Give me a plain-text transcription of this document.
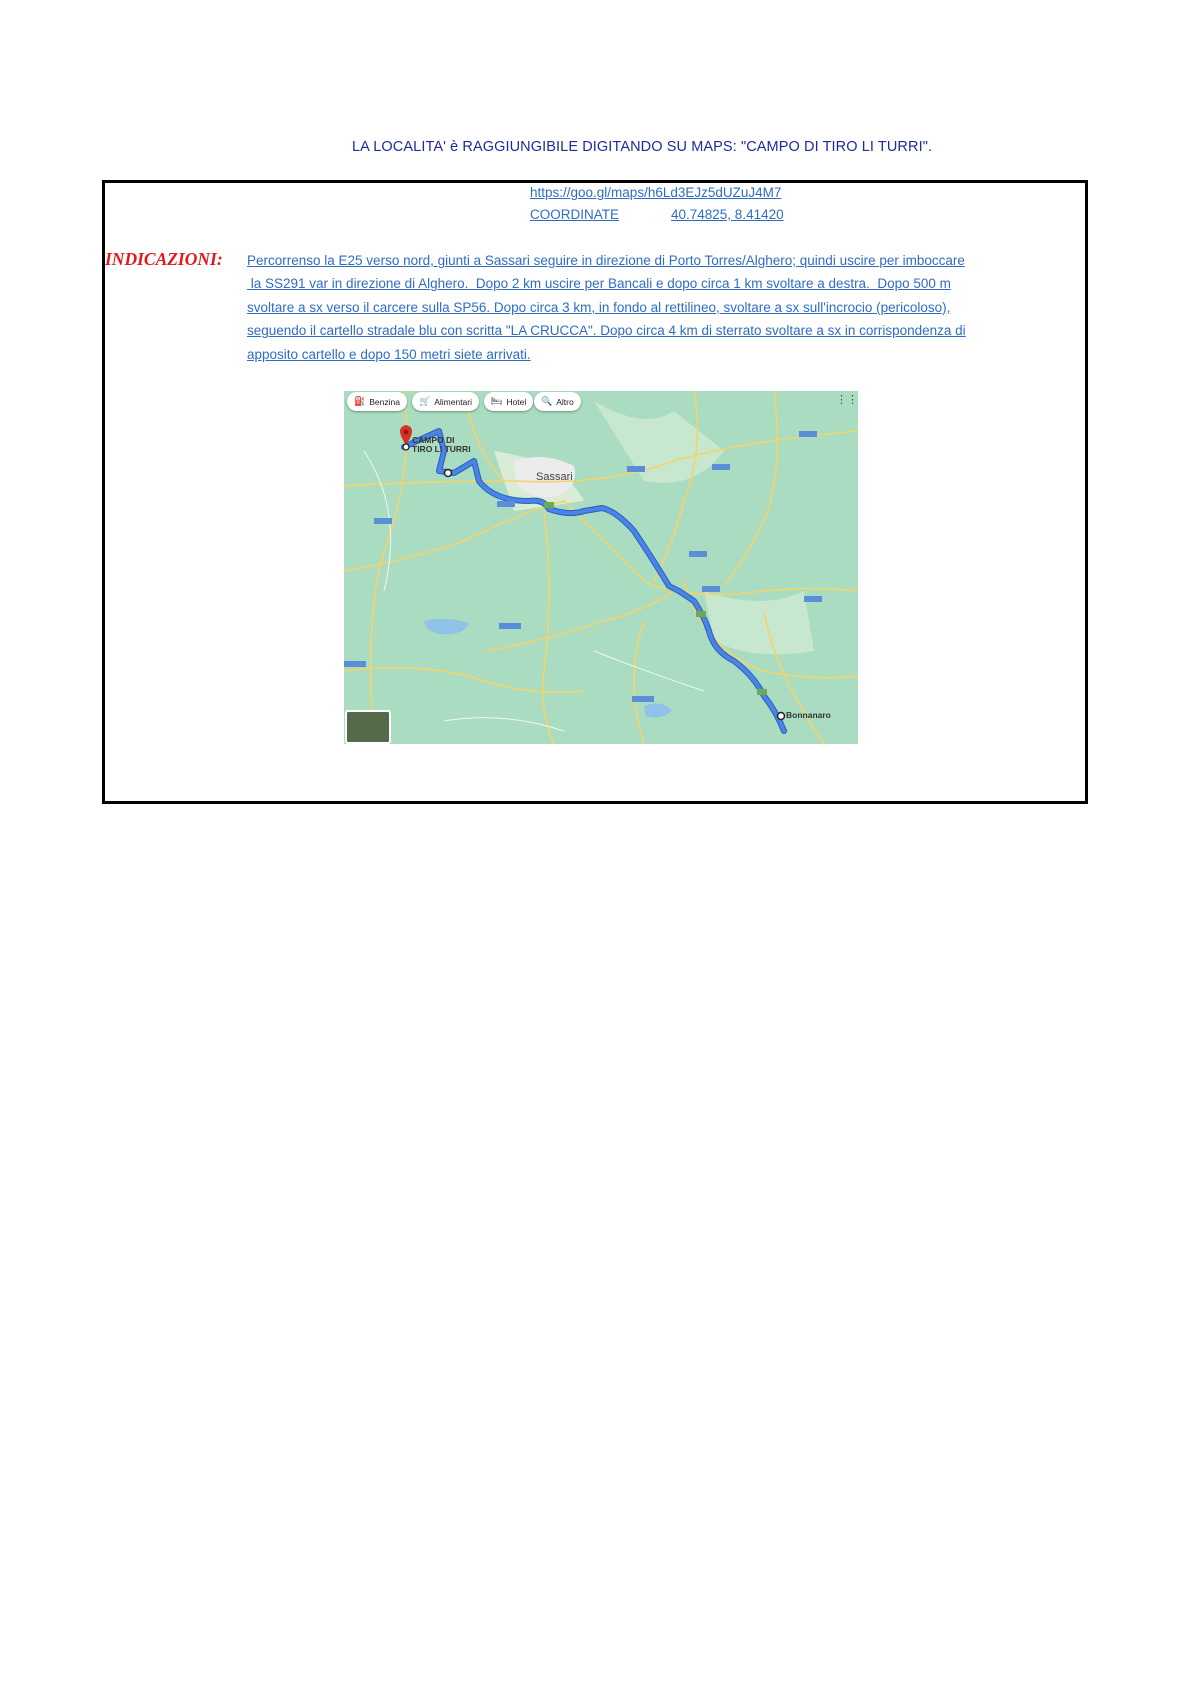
LA LOCALITA' è RAGGIUNGIBILE DIGITANDO SU MAPS: "CAMPO DI TIRO LI TURRI".
https://goo.gl/maps/h6Ld3EJz5dUZuJ4M7
COORDINATE	40.74825, 8.41420
INDICAZIONI: Percorrenso la E25 verso nord, giunti a Sassari seguire in direzione di Porto Torres/Alghero; quindi uscire per imboccare
la SS291 var in direzione di Alghero.  Dopo 2 km uscire per Bancali e dopo circa 1 km svoltare a destra.  Dopo 500 m
svoltare a sx verso il carcere sulla SP56. Dopo circa 3 km, in fondo al rettilineo, svoltare a sx sull'incrocio (pericoloso),
seguendo il cartello stradale blu con scritta "LA CRUCCA". Dopo circa 4 km di sterrato svoltare a sx in corrispondenza di
apposito cartello e dopo 150 metri siete arrivati.
⛽ Benzina 🛒 Alimentari 🛏 Hotel 🔍 Altro	⋮⋮
CAMPO DI
TIRO LI TURRI
Sassari
Bonnanaro
